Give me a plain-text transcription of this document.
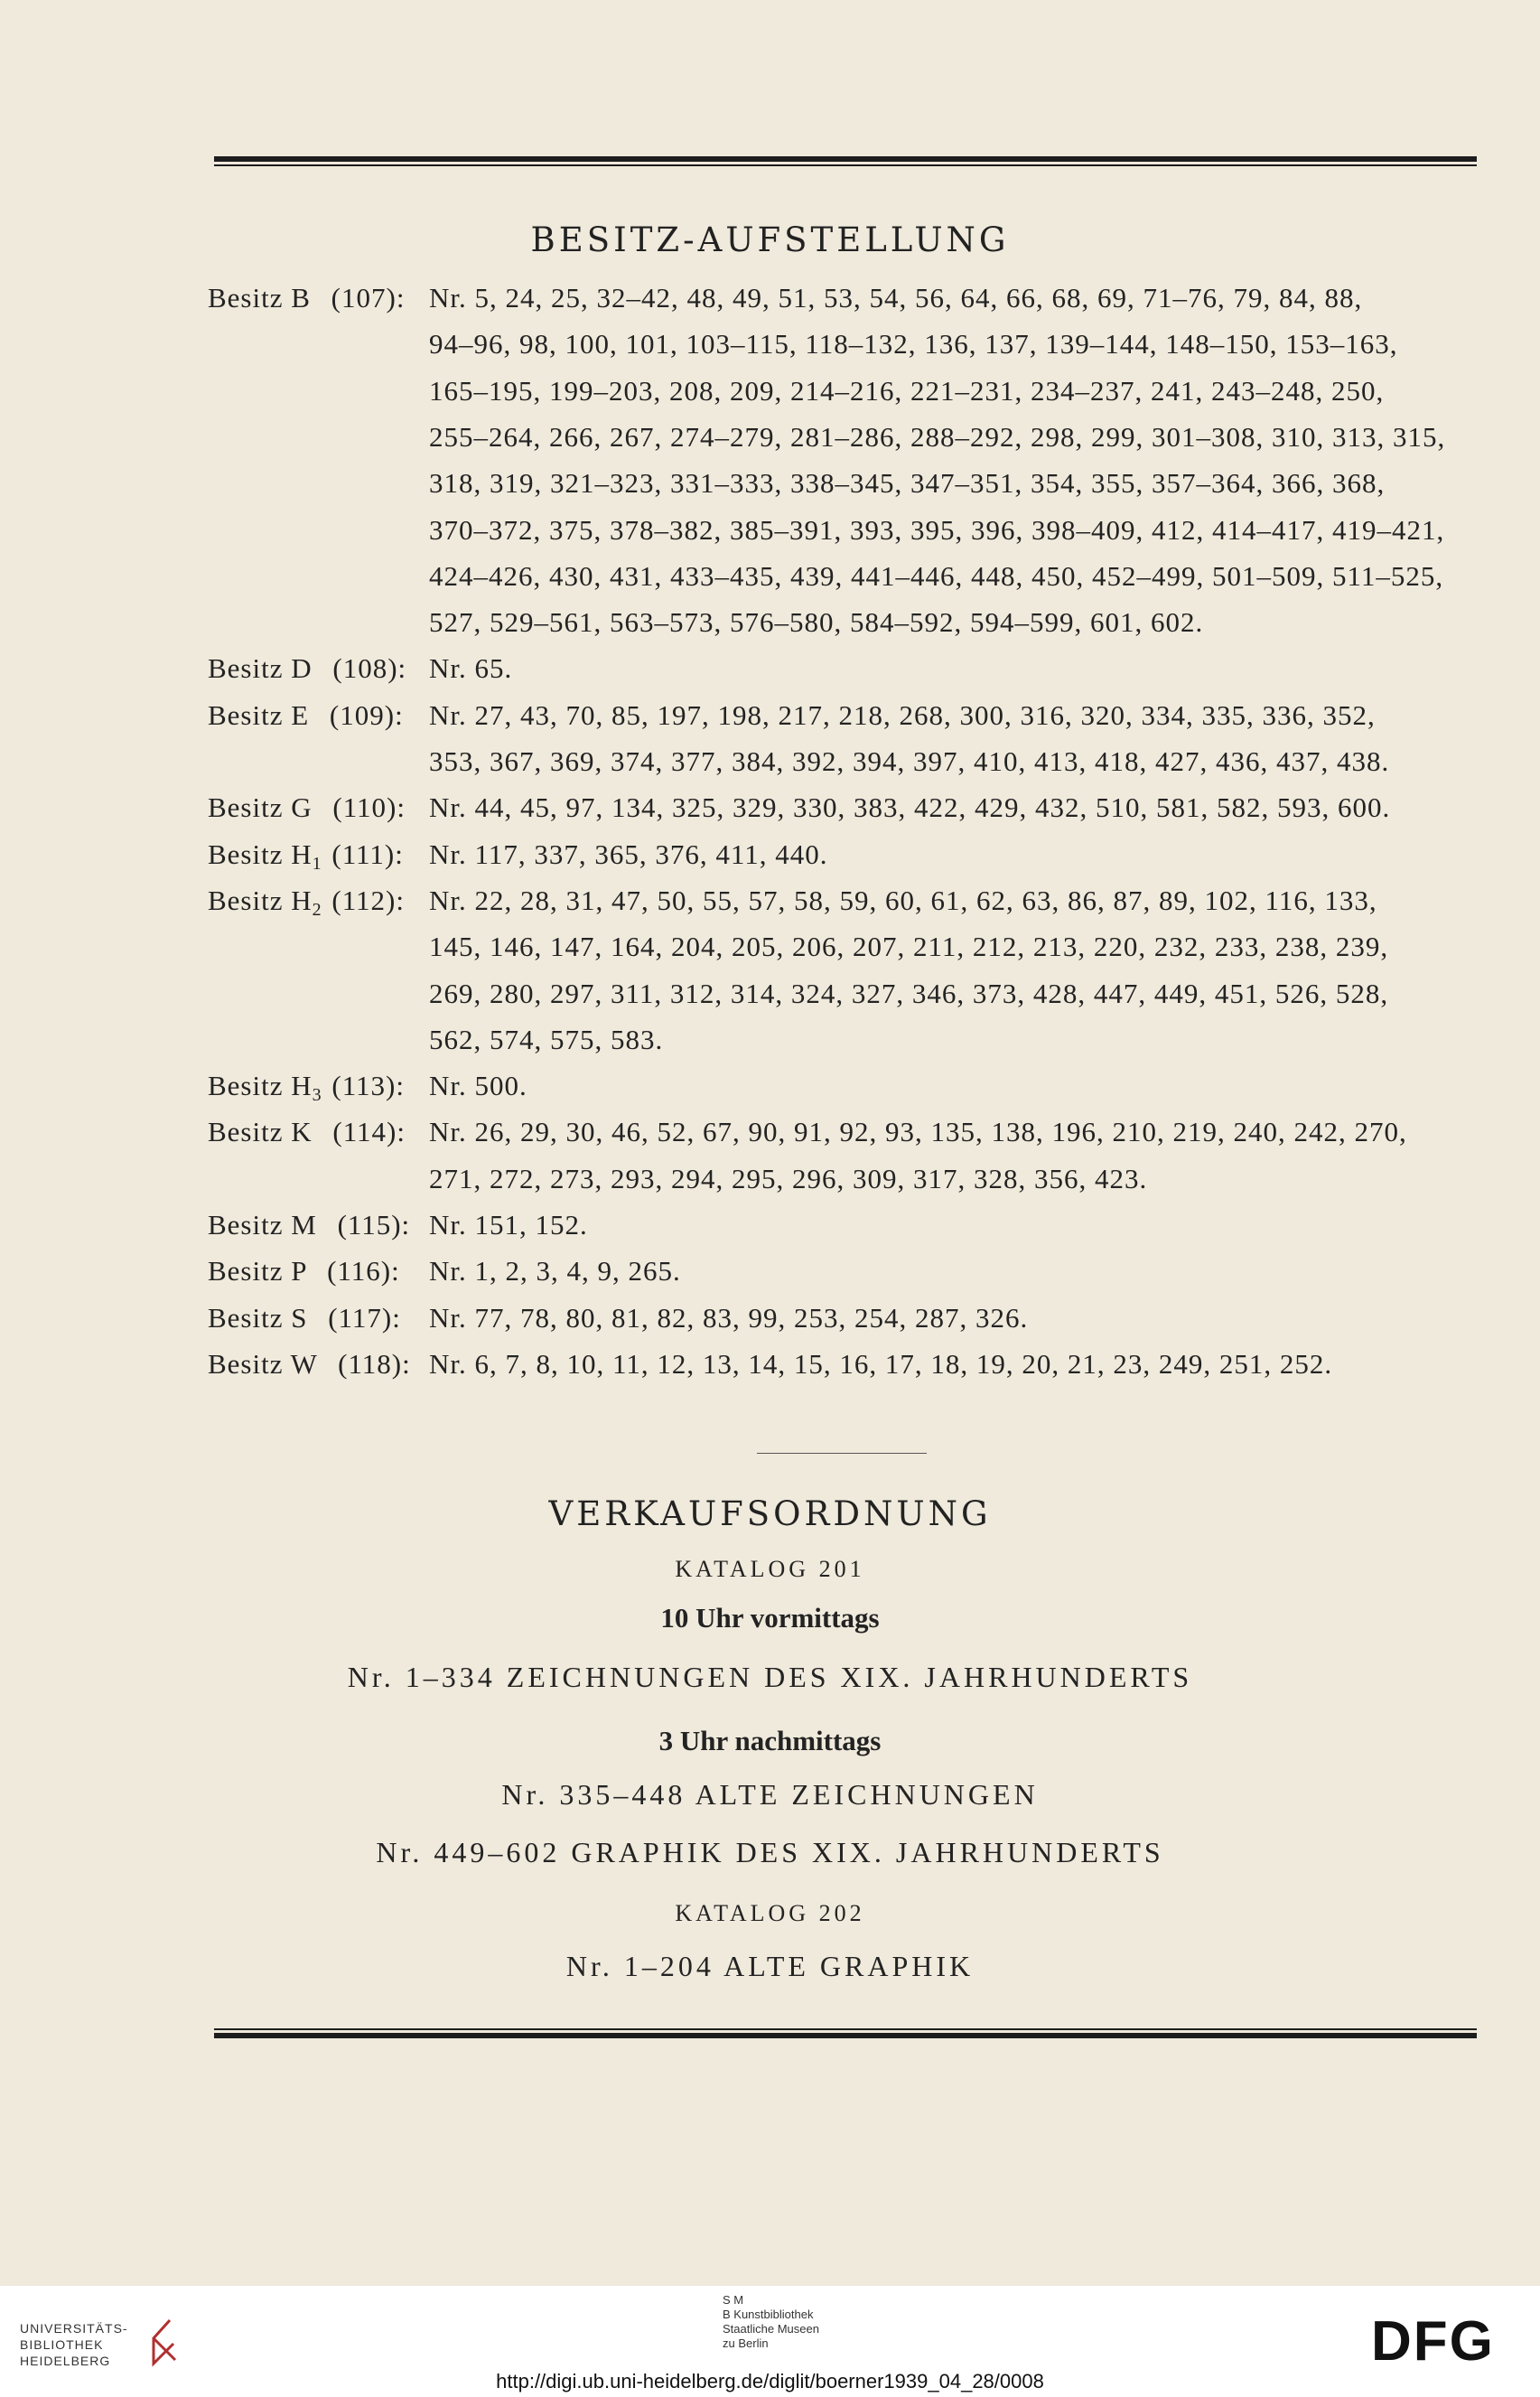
BESITZ-AUFSTELLUNG
Besitz B (107): Nr. 5, 24, 25, 32–42, 48, 49, 51, 53, 54, 56, 64, 66, 68, 69, 71–76, 79, 84, 88,
94–96, 98, 100, 101, 103–115, 118–132, 136, 137, 139–144, 148–150, 153–163,
165–195, 199–203, 208, 209, 214–216, 221–231, 234–237, 241, 243–248, 250,
255–264, 266, 267, 274–279, 281–286, 288–292, 298, 299, 301–308, 310, 313, 315,
318, 319, 321–323, 331–333, 338–345, 347–351, 354, 355, 357–364, 366, 368,
370–372, 375, 378–382, 385–391, 393, 395, 396, 398–409, 412, 414–417, 419–421,
424–426, 430, 431, 433–435, 439, 441–446, 448, 450, 452–499, 501–509, 511–525,
527, 529–561, 563–573, 576–580, 584–592, 594–599, 601, 602.
Besitz D (108): Nr. 65.
Besitz E (109): Nr. 27, 43, 70, 85, 197, 198, 217, 218, 268, 300, 316, 320, 334, 335, 336, 352,
353, 367, 369, 374, 377, 384, 392, 394, 397, 410, 413, 418, 427, 436, 437, 438.
Besitz G (110): Nr. 44, 45, 97, 134, 325, 329, 330, 383, 422, 429, 432, 510, 581, 582, 593, 600.
Besitz $H_1$ (111): Nr. 117, 337, 365, 376, 411, 440.
Besitz $H_2$ (112): Nr. 22, 28, 31, 47, 50, 55, 57, 58, 59, 60, 61, 62, 63, 86, 87, 89, 102, 116, 133,
145, 146, 147, 164, 204, 205, 206, 207, 211, 212, 213, 220, 232, 233, 238, 239,
269, 280, 297, 311, 312, 314, 324, 327, 346, 373, 428, 447, 449, 451, 526, 528,
562, 574, 575, 583.
Besitz $H_3$ (113): Nr. 500.
Besitz K (114): Nr. 26, 29, 30, 46, 52, 67, 90, 91, 92, 93, 135, 138, 196, 210, 219, 240, 242, 270,
271, 272, 273, 293, 294, 295, 296, 309, 317, 328, 356, 423.
Besitz M (115): Nr. 151, 152.
Besitz P (116): Nr. 1, 2, 3, 4, 9, 265.
Besitz S (117): Nr. 77, 78, 80, 81, 82, 83, 99, 253, 254, 287, 326.
Besitz W (118): Nr. 6, 7, 8, 10, 11, 12, 13, 14, 15, 16, 17, 18, 19, 20, 21, 23, 249, 251, 252.
VERKAUFSORDNUNG
KATALOG 201
10 Uhr vormittags
Nr. 1–334 ZEICHNUNGEN DES XIX. JAHRHUNDERTS
3 Uhr nachmittags
Nr. 335–448 ALTE ZEICHNUNGEN
Nr. 449–602 GRAPHIK DES XIX. JAHRHUNDERTS
KATALOG 202
Nr. 1–204 ALTE GRAPHIK
UNIVERSITÄTS-
BIBLIOTHEK
HEIDELBERG
S M
B Kunstbibliothek
Staatliche Museen
zu Berlin	DFG
http://digi.ub.uni-heidelberg.de/diglit/boerner1939_04_28/0008
